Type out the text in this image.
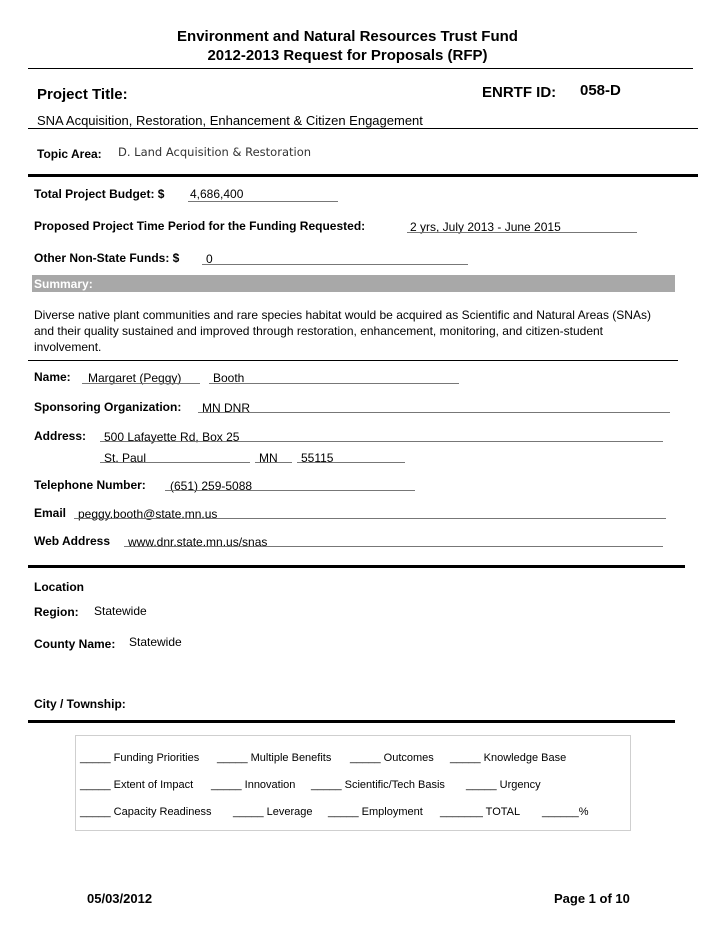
Environment and Natural Resources Trust Fund
2012-2013 Request for Proposals (RFP)
Project Title:	ENRTF ID: 058-D
SNA Acquisition, Restoration, Enhancement & Citizen Engagement
Topic Area: D. Land Acquisition & Restoration
Total Project Budget: $ 4,686,400
Proposed Project Time Period for the Funding Requested:	2 yrs, July 2013 - June 2015
Other Non-State Funds: $ 0
Summary:
Diverse native plant communities and rare species habitat would be acquired as Scientific and Natural Areas (SNAs) and their quality sustained and improved through restoration, enhancement, monitoring, and citizen-student involvement.
Name: Margaret (Peggy)	Booth
Sponsoring Organization: MN DNR
Address: 500 Lafayette Rd, Box 25
St. Paul	MN 55115
Telephone Number: (651) 259-5088
Email peggy.booth@state.mn.us
Web Address www.dnr.state.mn.us/snas
Location
Region: Statewide
County Name: Statewide
City / Township:
_____ Funding Priorities _____ Multiple Benefits _____ Outcomes _____ Knowledge Base
_____ Extent of Impact _____ Innovation _____ Scientific/Tech Basis _____ Urgency
_____ Capacity Readiness _____ Leverage _____ Employment _______ TOTAL ______%
05/03/2012	Page 1 of 10
